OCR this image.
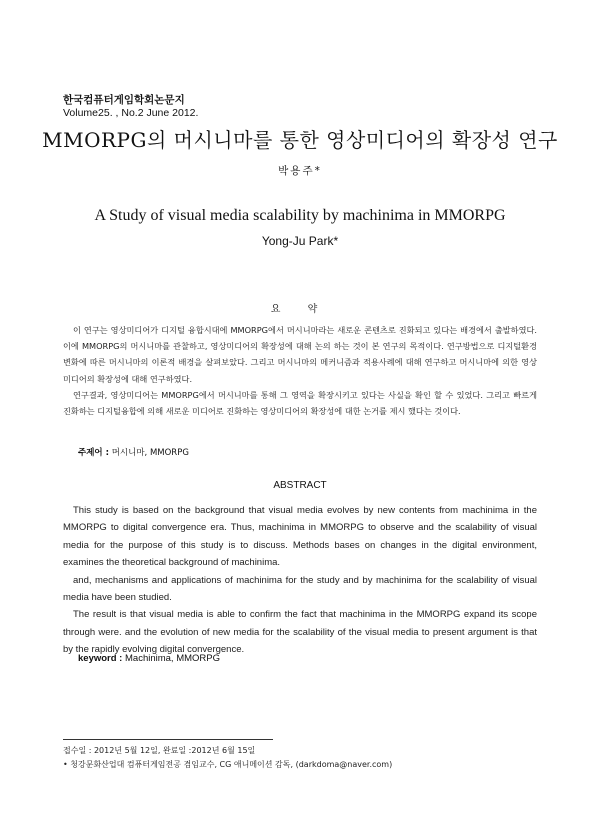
한국컴퓨터게임학회논문지
Volume25. , No.2 June 2012.
MMORPG의 머시니마를 통한 영상미디어의 확장성 연구
박용주*
A Study of visual media scalability by machinima in MMORPG
Yong-Ju Park*
요 약

이 연구는 영상미디어가 디지털 융합시대에 MMORPG에서 머시니마라는 새로운 콘텐츠로 진화되고 있다는 배경에서 출발하였다. 이에 MMORPG의 머시니마를 관찰하고, 영상미디어의 확장성에 대해 논의 하는 것이 본 연구의 목적이다. 연구방법으로 디지털환경 변화에 따른 머시니마의 이론적 배경을 살펴보았다. 그리고 머시니마의 메커니즘과 적용사례에 대해 연구하고 머시니마에 의한 영상미디어의 확장성에 대해 연구하였다.

연구결과, 영상미디어는 MMORPG에서 머시니마를 통해 그 영역을 확장시키고 있다는 사실을 확인 할 수 있었다. 그리고 빠르게 진화하는 디지털융합에 의해 새로운 미디어로 진화하는 영상미디어의 확장성에 대한 논거를 제시 했다는 것이다.

주제어 : 머시니마, MMORPG
ABSTRACT

This study is based on the background that visual media evolves by new contents from machinima in the MMORPG to digital convergence era. Thus, machinima in MMORPG to observe and the scalability of visual media for the purpose of this study is to discuss. Methods bases on changes in the digital environment, examines the theoretical background of machinima.

and, mechanisms and applications of machinima for the study and by machinima for the scalability of visual media have been studied.

The result is that visual media is able to confirm the fact that machinima in the MMORPG expand its scope through were. and the evolution of new media for the scalability of the visual media to present argument is that by the rapidly evolving digital convergence.

keyword : Machinima, MMORPG
접수일 : 2012년 5월 12일, 완료일 :2012년 6월 15일
• 청강문화산업대 컴퓨터게임전공 겸임교수, CG 애니메이션 감독, (darkdoma@naver.com)
